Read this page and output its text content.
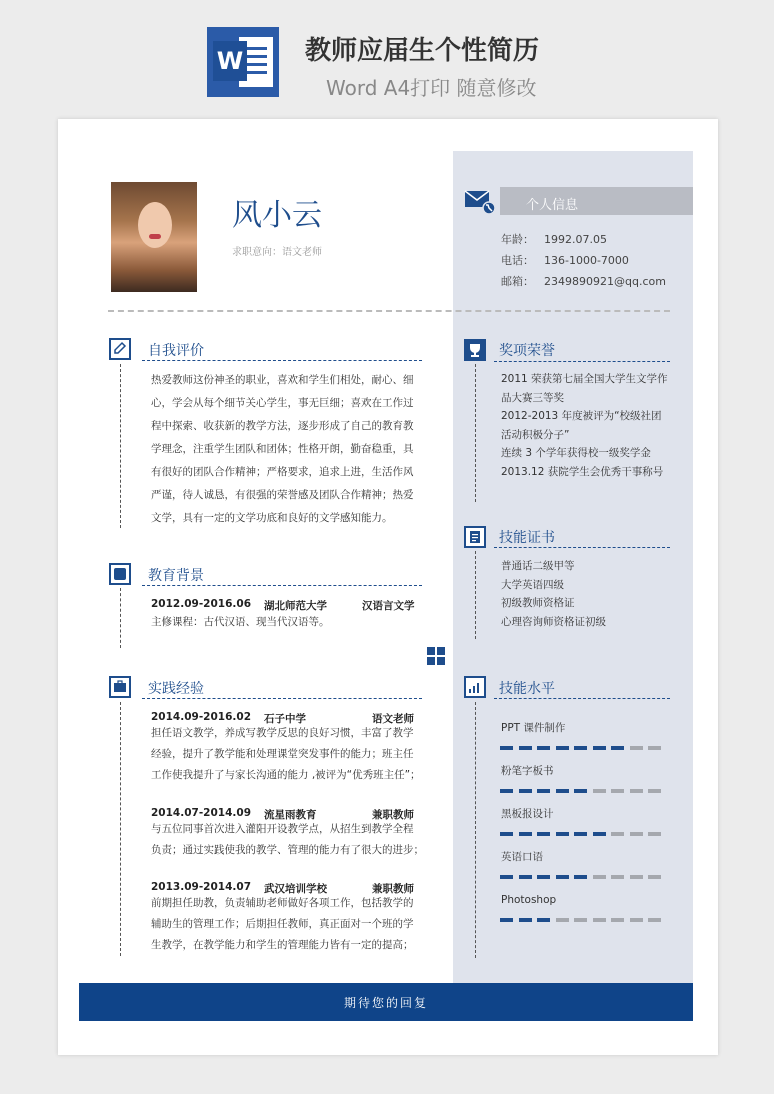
W 教师应届生个性简历
Word A4打印 随意修改
风小云
求职意向：语文老师
个人信息
年龄： 1992.07.05
电话： 136-1000-7000
邮箱： 2349890921@qq.com
自我评价
热爱教师这份神圣的职业，喜欢和学生们相处，耐心、细
心，学会从每个细节关心学生，事无巨细；喜欢在工作过
程中探索、收获新的教学方法，逐步形成了自己的教育教
学理念，注重学生团队和团体；性格开朗，勤奋稳重，具
有很好的团队合作精神；严格要求，追求上进，生活作风
严谨，待人诚恳，有很强的荣誉感及团队合作精神；热爱
文学，具有一定的文学功底和良好的文学感知能力。
教育背景
2012.09-2016.06 湖北师范大学	汉语言文学
主修课程：古代汉语、现当代汉语等。
实践经验
2014.09-2016.02 石子中学	语文老师
担任语文教学，养成写教学反思的良好习惯，丰富了教学
经验，提升了教学能和处理课堂突发事件的能力；班主任
工作使我提升了与家长沟通的能力 ,被评为“优秀班主任”；
2014.07-2014.09 流星雨教育	兼职教师
与五位同事首次进入灌阳开设教学点，从招生到教学全程
负责；通过实践使我的教学、管理的能力有了很大的进步；
2013.09-2014.07 武汉培训学校	兼职教师
前期担任助教，负责辅助老师做好各项工作，包括教学的
辅助生的管理工作；后期担任教师，真正面对一个班的学
生教学，在教学能力和学生的管理能力皆有一定的提高；
奖项荣誉
2011 荣获第七届全国大学生文学作
品大赛三等奖
2012-2013 年度被评为“校级社团
活动积极分子”
连续 3 个学年获得校一级奖学金
2013.12 获院学生会优秀干事称号
技能证书
普通话二级甲等
大学英语四级
初级教师资格证
心理咨询师资格证初级
技能水平
PPT 课件制作
粉笔字板书
黑板报设计
英语口语
Photoshop
期待您的回复
